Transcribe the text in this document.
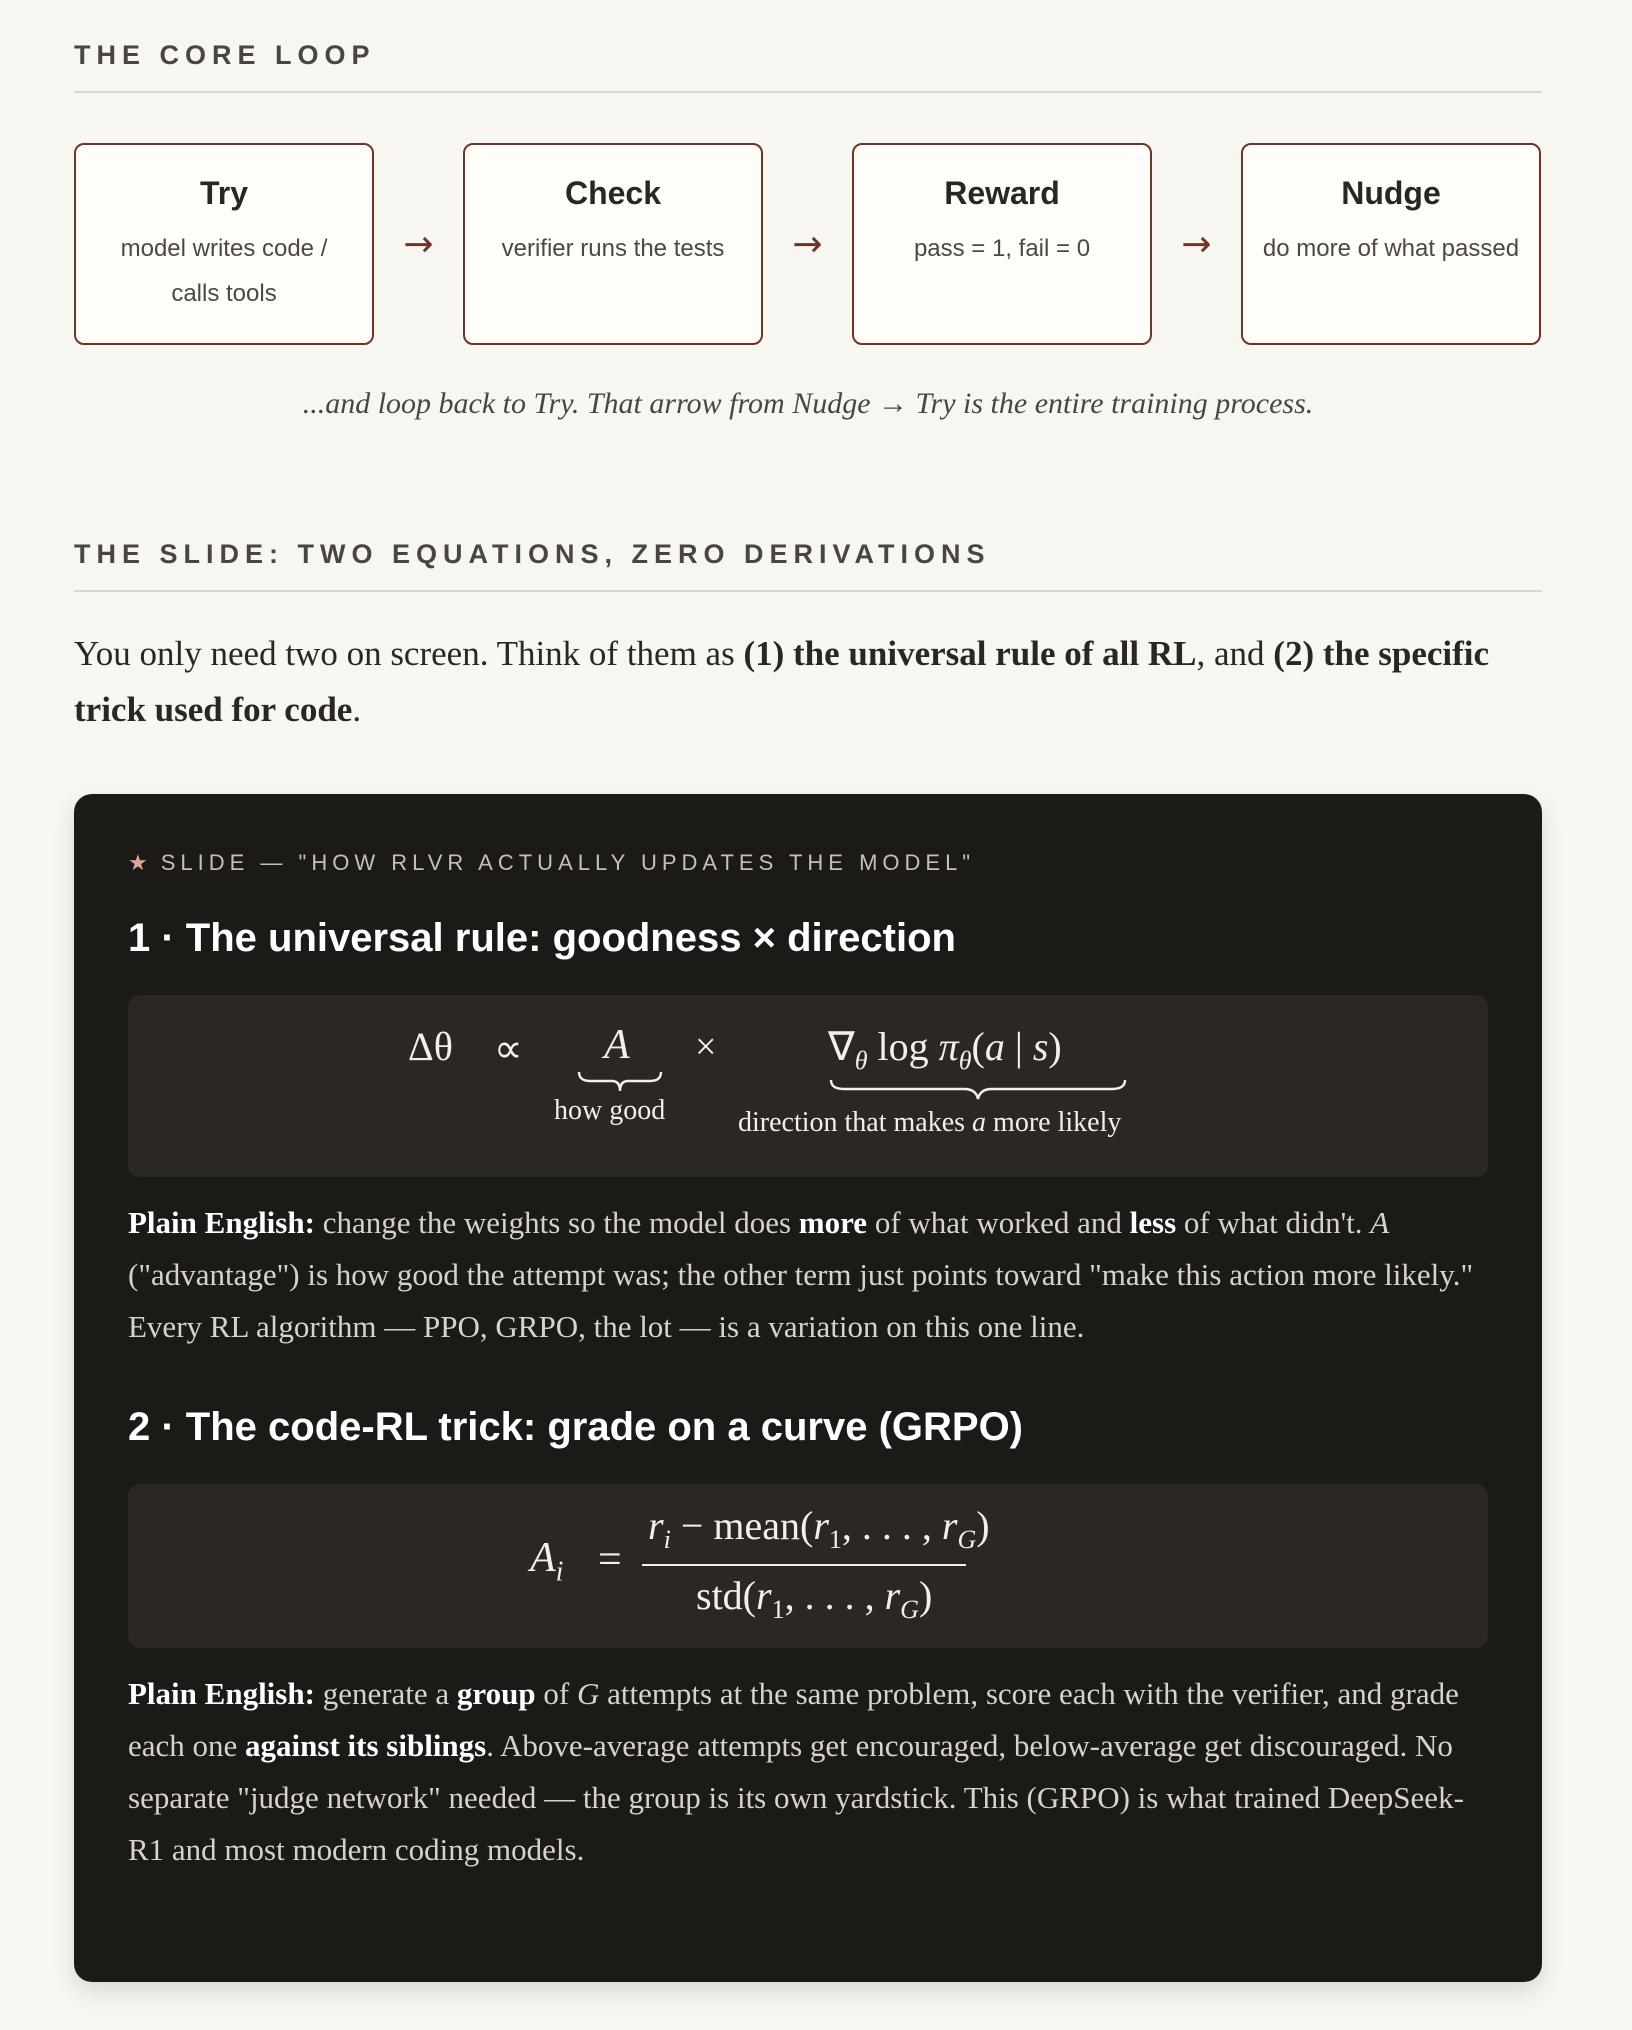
THE CORE LOOP
Try
model writes code / calls tools
→
Check
verifier runs the tests	→
Reward
pass = 1, fail = 0	→
Nudge
do more of what passed
...and loop back to Try. That arrow from Nudge → Try is the entire training process.
THE SLIDE: TWO EQUATIONS, ZERO DERIVATIONS

You only need two on screen. Think of them as (1) the universal rule of all RL, and (2) the specific trick used for code.

★ SLIDE — "HOW RLVR ACTUALLY UPDATES THE MODEL"
1 · The universal rule: goodness × direction
Δθ ∝ A
how good
×	$\nabla_\theta$ $\log \pi_\theta(a$ | s)
direction that makes a more likely

Plain English: change the weights so the model does more of what worked and less of what didn't. A ("advantage") is how good the attempt was; the other term just points toward "make this action more likely." Every RL algorithm — PPO, GRPO, the lot — is a variation on this one line.

2 · The code-RL trick: grade on a curve (GRPO)
$A_i$ =
$r_i$ − $mean(r_1$, . . . , $r_G$)
$std(r_1$, . . . , $r_G$)

Plain English: generate a group of G attempts at the same problem, score each with the verifier, and grade each one against its siblings. Above-average attempts get encouraged, below-average get discouraged. No separate "judge network" needed — the group is its own yardstick. This (GRPO) is what trained DeepSeek-R1 and most modern coding models.
